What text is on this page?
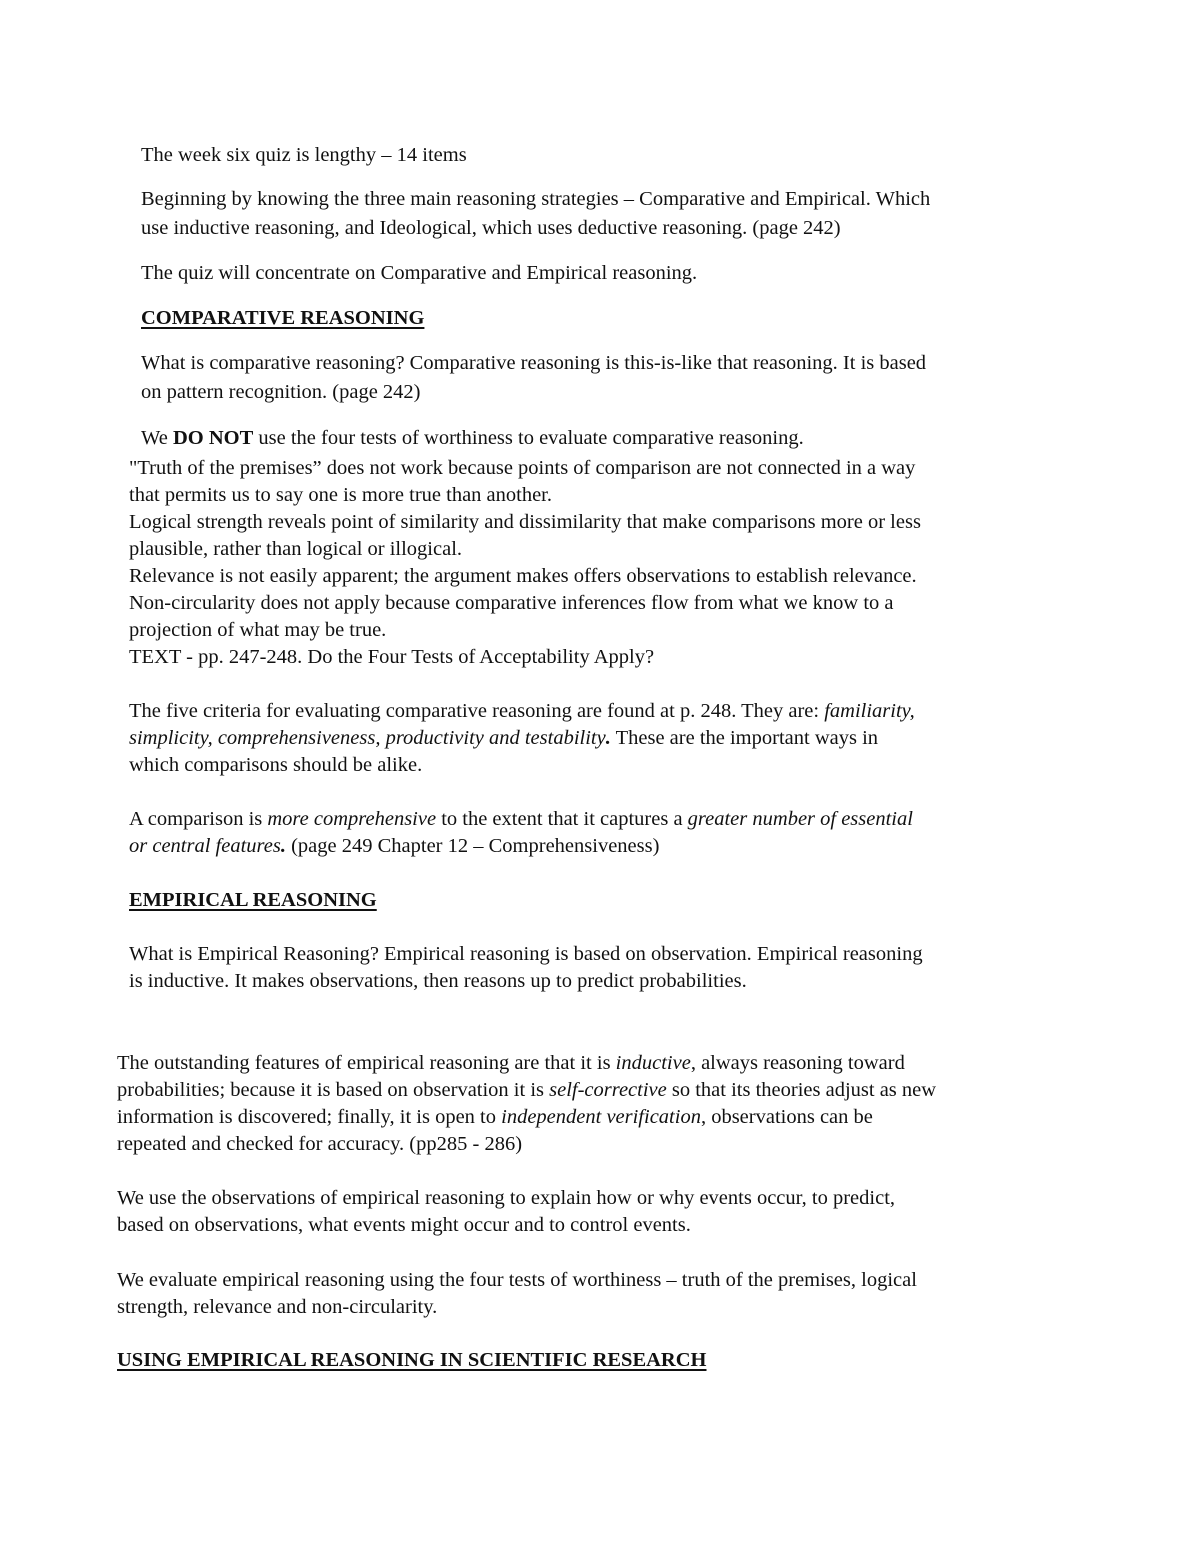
The week six quiz is lengthy – 14 items

Beginning by knowing the three main reasoning strategies – Comparative and Empirical. Which
use inductive reasoning, and Ideological, which uses deductive reasoning. (page 242)

The quiz will concentrate on Comparative and Empirical reasoning.

COMPARATIVE REASONING

What is comparative reasoning? Comparative reasoning is this-is-like that reasoning. It is based
on pattern recognition. (page 242)

We DO NOT use the four tests of worthiness to evaluate comparative reasoning.

"Truth of the premises” does not work because points of comparison are not connected in a way
that permits us to say one is more true than another.
Logical strength reveals point of similarity and dissimilarity that make comparisons more or less
plausible, rather than logical or illogical.
Relevance is not easily apparent; the argument makes offers observations to establish relevance.
Non-circularity does not apply because comparative inferences flow from what we know to a
projection of what may be true.
TEXT - pp. 247-248. Do the Four Tests of Acceptability Apply?

The five criteria for evaluating comparative reasoning are found at p. 248. They are: familiarity,
simplicity, comprehensiveness, productivity and testability. These are the important ways in
which comparisons should be alike.

A comparison is more comprehensive to the extent that it captures a greater number of essential
or central features. (page 249 Chapter 12 – Comprehensiveness)

EMPIRICAL REASONING

What is Empirical Reasoning? Empirical reasoning is based on observation. Empirical reasoning
is inductive. It makes observations, then reasons up to predict probabilities.

The outstanding features of empirical reasoning are that it is inductive, always reasoning toward
probabilities; because it is based on observation it is self-corrective so that its theories adjust as new
information is discovered; finally, it is open to independent verification, observations can be
repeated and checked for accuracy. (pp285 - 286)

We use the observations of empirical reasoning to explain how or why events occur, to predict,
based on observations, what events might occur and to control events.

We evaluate empirical reasoning using the four tests of worthiness – truth of the premises, logical
strength, relevance and non-circularity.

USING EMPIRICAL REASONING IN SCIENTIFIC RESEARCH
